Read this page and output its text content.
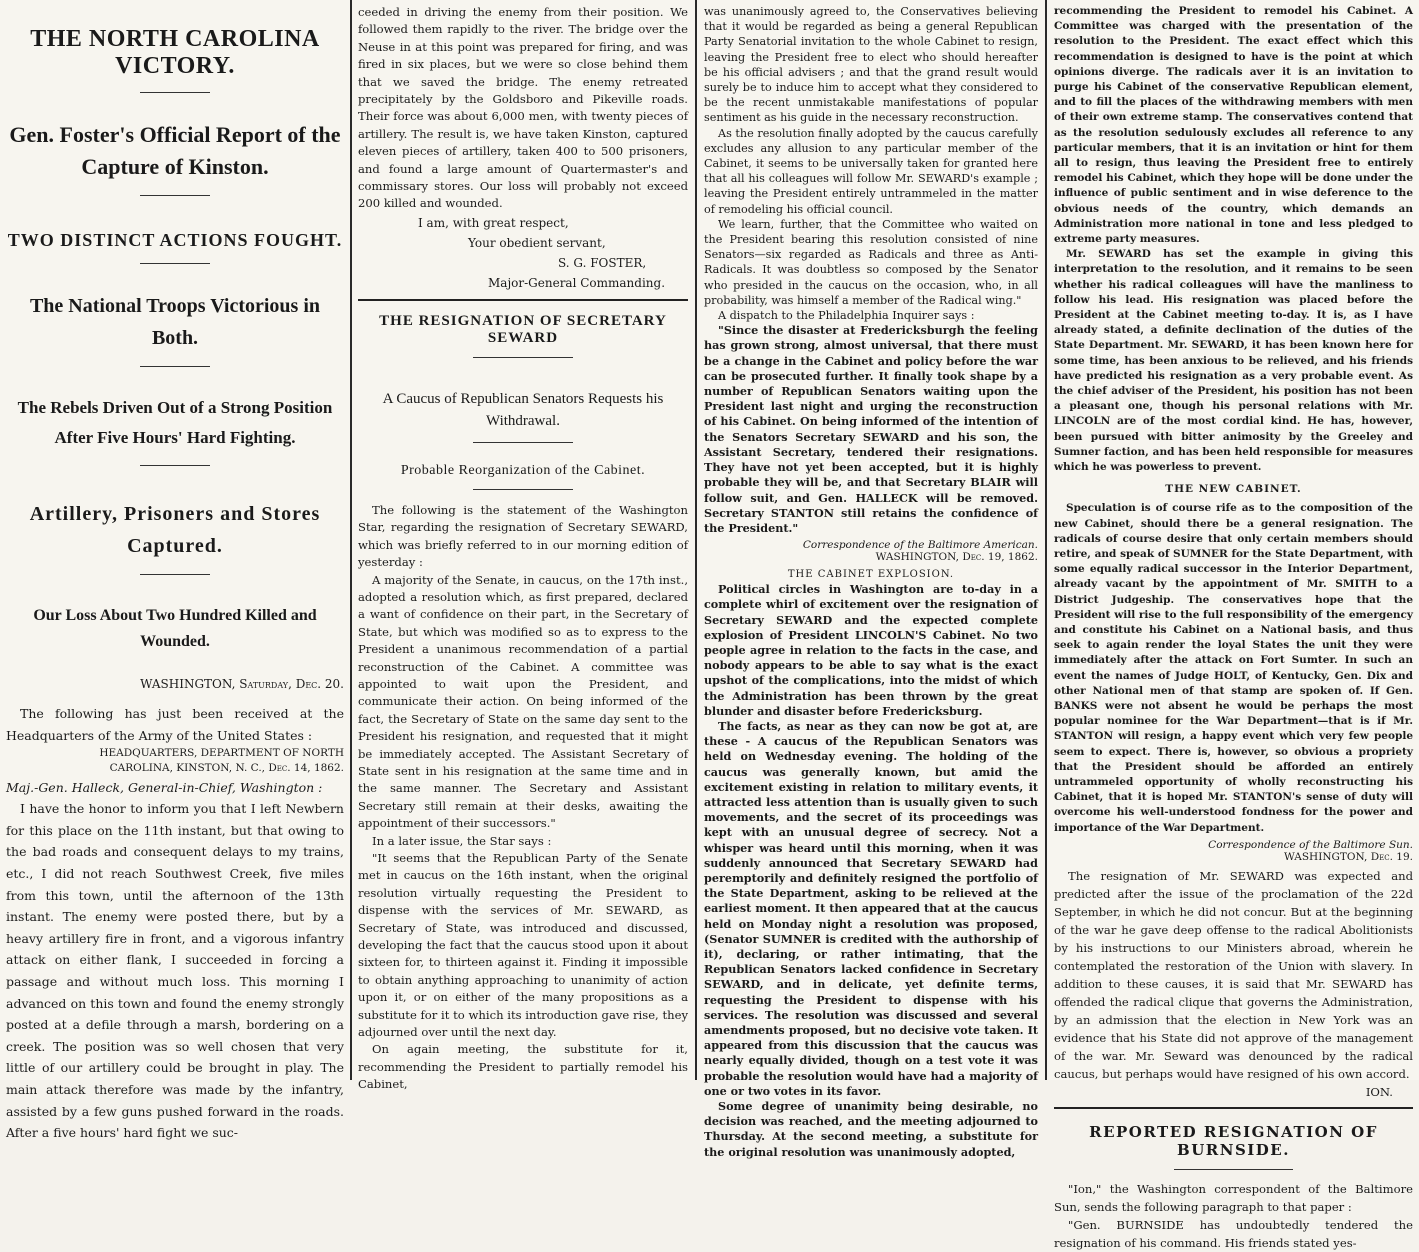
THE NORTH CAROLINA VICTORY.

Gen. Foster's Official Report of the Capture of Kinston.

TWO DISTINCT ACTIONS FOUGHT.

The National Troops Victorious in Both.

The Rebels Driven Out of a Strong Position After Five Hours' Hard Fighting.

Artillery, Prisoners and Stores Captured.

Our Loss About Two Hundred Killed and Wounded.

WASHINGTON, Saturday, Dec. 20.

The following has just been received at the Headquarters of the Army of the United States :

HEADQUARTERS, DEPARTMENT OF NORTH CAROLINA, KINSTON, N. C., Dec. 14, 1862.

Maj.-Gen. Halleck, General-in-Chief, Washington :

I have the honor to inform you that I left Newbern for this place on the 11th instant, but that owing to the bad roads and consequent delays to my trains, etc., I did not reach Southwest Creek, five miles from this town, until the afternoon of the 13th instant. The enemy were posted there, but by a heavy artillery fire in front, and a vigorous infantry attack on either flank, I succeeded in forcing a passage and without much loss. This morning I advanced on this town and found the enemy strongly posted at a defile through a marsh, bordering on a creek. The position was so well chosen that very little of our artillery could be brought in play. The main attack therefore was made by the infantry, assisted by a few guns pushed forward in the roads. After a five hours' hard fight we suc-

ceeded in driving the enemy from their position. We followed them rapidly to the river. The bridge over the Neuse in at this point was prepared for firing, and was fired in six places, but we were so close behind them that we saved the bridge. The enemy retreated precipitately by the Goldsboro and Pikeville roads. Their force was about 6,000 men, with twenty pieces of artillery. The result is, we have taken Kinston, captured eleven pieces of artillery, taken 400 to 500 prisoners, and found a large amount of Quartermaster's and commissary stores. Our loss will probably not exceed 200 killed and wounded.

I am, with great respect,
Your obedient servant,
S. G. FOSTER,
Major-General Commanding.

THE RESIGNATION OF SECRETARY SEWARD

A Caucus of Republican Senators Requests his Withdrawal.

Probable Reorganization of the Cabinet.

The following is the statement of the Washington Star, regarding the resignation of Secretary SEWARD, which was briefly referred to in our morning edition of yesterday :

A majority of the Senate, in caucus, on the 17th inst., adopted a resolution which, as first prepared, declared a want of confidence on their part, in the Secretary of State, but which was modified so as to express to the President a unanimous recommendation of a partial reconstruction of the Cabinet. A committee was appointed to wait upon the President, and communicate their action. On being informed of the fact, the Secretary of State on the same day sent to the President his resignation, and requested that it might be immediately accepted. The Assistant Secretary of State sent in his resignation at the same time and in the same manner. The Secretary and Assistant Secretary still remain at their desks, awaiting the appointment of their successors."

In a later issue, the Star says :

"It seems that the Republican Party of the Senate met in caucus on the 16th instant, when the original resolution virtually requesting the President to dispense with the services of Mr. SEWARD, as Secretary of State, was introduced and discussed, developing the fact that the caucus stood upon it about sixteen for, to thirteen against it. Finding it impossible to obtain anything approaching to unanimity of action upon it, or on either of the many propositions as a substitute for it to which its introduction gave rise, they adjourned over until the next day.

On again meeting, the substitute for it, recommending the President to partially remodel his Cabinet,

was unanimously agreed to, the Conservatives believing that it would be regarded as being a general Republican Party Senatorial invitation to the whole Cabinet to resign, leaving the President free to elect who should hereafter be his official advisers ; and that the grand result would surely be to induce him to accept what they considered to be the recent unmistakable manifestations of popular sentiment as his guide in the necessary reconstruction.

As the resolution finally adopted by the caucus carefully excludes any allusion to any particular member of the Cabinet, it seems to be universally taken for granted here that all his colleagues will follow Mr. SEWARD's example ; leaving the President entirely untrammeled in the matter of remodeling his official council.

We learn, further, that the Committee who waited on the President bearing this resolution consisted of nine Senators—six regarded as Radicals and three as Anti-Radicals. It was doubtless so composed by the Senator who presided in the caucus on the occasion, who, in all probability, was himself a member of the Radical wing."

A dispatch to the Philadelphia Inquirer says :

"Since the disaster at Fredericksburgh the feeling has grown strong, almost universal, that there must be a change in the Cabinet and policy before the war can be prosecuted further. It finally took shape by a number of Republican Senators waiting upon the President last night and urging the reconstruction of his Cabinet. On being informed of the intention of the Senators Secretary SEWARD and his son, the Assistant Secretary, tendered their resignations. They have not yet been accepted, but it is highly probable they will be, and that Secretary BLAIR will follow suit, and Gen. HALLECK will be removed. Secretary STANTON still retains the confidence of the President."

Correspondence of the Baltimore American.

WASHINGTON, Dec. 19, 1862.

THE CABINET EXPLOSION.

Political circles in Washington are to-day in a complete whirl of excitement over the resignation of Secretary SEWARD and the expected complete explosion of President LINCOLN'S Cabinet. No two people agree in relation to the facts in the case, and nobody appears to be able to say what is the exact upshot of the complications, into the midst of which the Administration has been thrown by the great blunder and disaster before Fredericksburg.

The facts, as near as they can now be got at, are these - A caucus of the Republican Senators was held on Wednesday evening. The holding of the caucus was generally known, but amid the excitement existing in relation to military events, it attracted less attention than is usually given to such movements, and the secret of its proceedings was kept with an unusual degree of secrecy. Not a whisper was heard until this morning, when it was suddenly announced that Secretary SEWARD had peremptorily and definitely resigned the portfolio of the State Department, asking to be relieved at the earliest moment. It then appeared that at the caucus held on Monday night a resolution was proposed, (Senator SUMNER is credited with the authorship of it), declaring, or rather intimating, that the Republican Senators lacked confidence in Secretary SEWARD, and in delicate, yet definite terms, requesting the President to dispense with his services. The resolution was discussed and several amendments proposed, but no decisive vote taken. It appeared from this discussion that the caucus was nearly equally divided, though on a test vote it was probable the resolution would have had a majority of one or two votes in its favor.

Some degree of unanimity being desirable, no decision was reached, and the meeting adjourned to Thursday. At the second meeting, a substitute for the original resolution was unanimously adopted,

recommending the President to remodel his Cabinet. A Committee was charged with the presentation of the resolution to the President. The exact effect which this recommendation is designed to have is the point at which opinions diverge. The radicals aver it is an invitation to purge his Cabinet of the conservative Republican element, and to fill the places of the withdrawing members with men of their own extreme stamp. The conservatives contend that as the resolution sedulously excludes all reference to any particular members, that it is an invitation or hint for them all to resign, thus leaving the President free to entirely remodel his Cabinet, which they hope will be done under the influence of public sentiment and in wise deference to the obvious needs of the country, which demands an Administration more national in tone and less pledged to extreme party measures.

Mr. SEWARD has set the example in giving this interpretation to the resolution, and it remains to be seen whether his radical colleagues will have the manliness to follow his lead. His resignation was placed before the President at the Cabinet meeting to-day. It is, as I have already stated, a definite declination of the duties of the State Department. Mr. SEWARD, it has been known here for some time, has been anxious to be relieved, and his friends have predicted his resignation as a very probable event. As the chief adviser of the President, his position has not been a pleasant one, though his personal relations with Mr. LINCOLN are of the most cordial kind. He has, however, been pursued with bitter animosity by the Greeley and Sumner faction, and has been held responsible for measures which he was powerless to prevent.

THE NEW CABINET.

Speculation is of course rife as to the composition of the new Cabinet, should there be a general resignation. The radicals of course desire that only certain members should retire, and speak of SUMNER for the State Department, with some equally radical successor in the Interior Department, already vacant by the appointment of Mr. SMITH to a District Judgeship. The conservatives hope that the President will rise to the full responsibility of the emergency and constitute his Cabinet on a National basis, and thus seek to again render the loyal States the unit they were immediately after the attack on Fort Sumter. In such an event the names of Judge HOLT, of Kentucky, Gen. Dix and other National men of that stamp are spoken of. If Gen. BANKS were not absent he would be perhaps the most popular nominee for the War Department—that is if Mr. STANTON will resign, a happy event which very few people seem to expect. There is, however, so obvious a propriety that the President should be afforded an entirely untrammeled opportunity of wholly reconstructing his Cabinet, that it is hoped Mr. STANTON's sense of duty will overcome his well-understood fondness for the power and importance of the War Department.

Correspondence of the Baltimore Sun.

WASHINGTON, Dec. 19.

The resignation of Mr. SEWARD was expected and predicted after the issue of the proclamation of the 22d September, in which he did not concur. But at the beginning of the war he gave deep offense to the radical Abolitionists by his instructions to our Ministers abroad, wherein he contemplated the restoration of the Union with slavery. In addition to these causes, it is said that Mr. SEWARD has offended the radical clique that governs the Administration, by an admission that the election in New York was an evidence that his State did not approve of the management of the war. Mr. Seward was denounced by the radical caucus, but perhaps would have resigned of his own accord.

ION.

REPORTED RESIGNATION OF BURNSIDE.

"Ion," the Washington correspondent of the Baltimore Sun, sends the following paragraph to that paper :

"Gen. BURNSIDE has undoubtedly tendered the resignation of his command. His friends stated yes-
